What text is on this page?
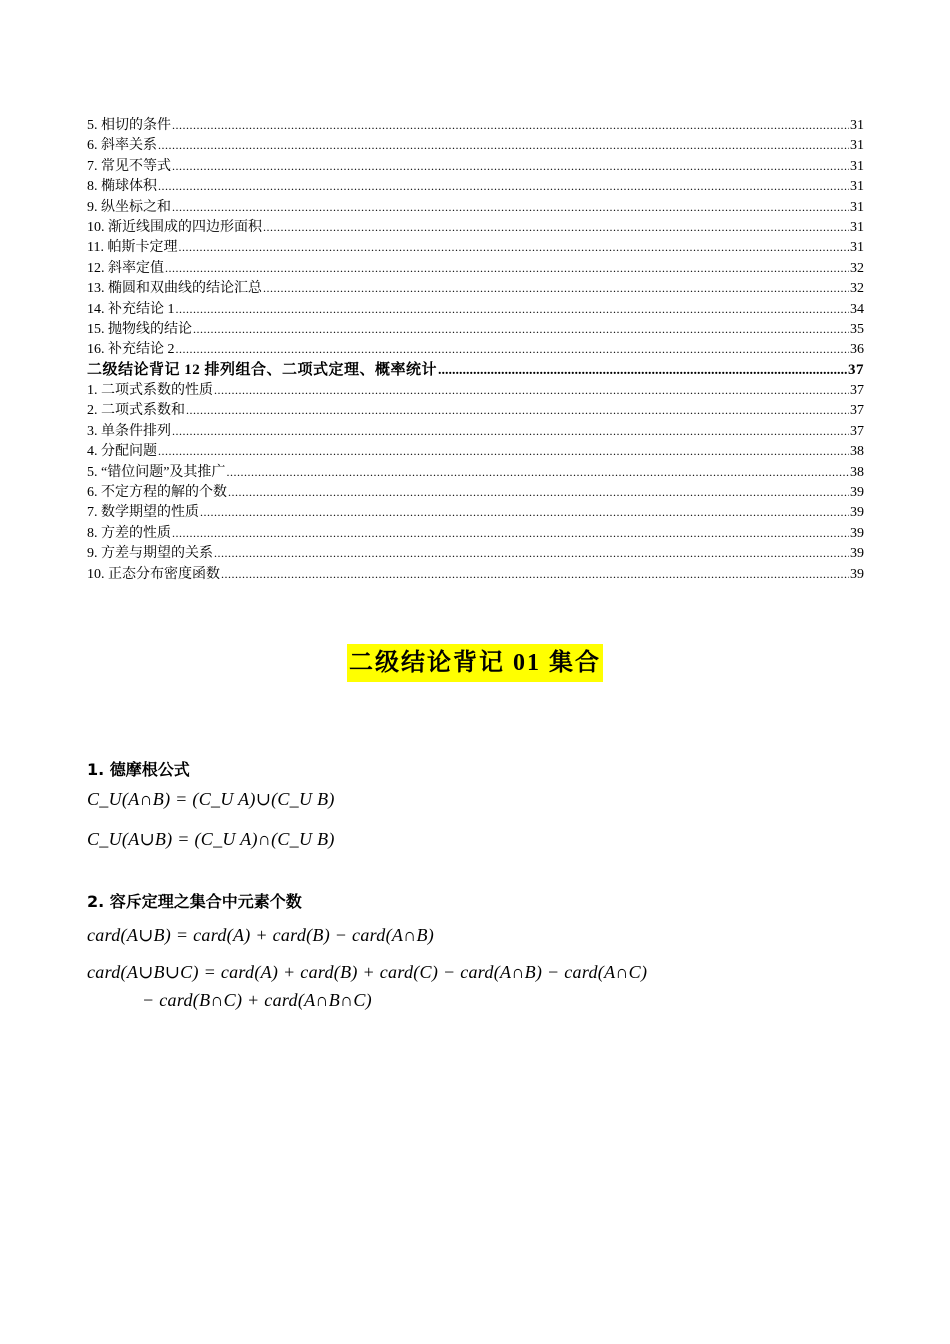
5. 相切的条件 .....	31
6. 斜率关系 .....	31
7. 常见不等式 .....	31
8. 椭球体积 .....	31
9. 纵坐标之和 .....	31
10. 渐近线围成的四边形面积 .....	31
11. 帕斯卡定理 .....	31
12. 斜率定值 .....	32
13. 椭圆和双曲线的结论汇总 .....	32
14. 补充结论 1 .....	34
15. 抛物线的结论 .....	35
16. 补充结论 2 .....	36
二级结论背记 12 排列组合、二项式定理、概率统计 .....	37
1. 二项式系数的性质 .....	37
2. 二项式系数和 .....	37
3. 单条件排列 .....	37
4. 分配问题 .....	38
5. “错位问题”及其推广 .....	38
6. 不定方程的解的个数 .....	39
7. 数学期望的性质 .....	39
8. 方差的性质 .....	39
9. 方差与期望的关系 .....	39
10. 正态分布密度函数 .....	39
二级结论背记 01 集合
1. 德摩根公式
C_U(A∩B) = (C_U A)∪(C_U B)
C_U(A∪B) = (C_U A)∩(C_U B)
2. 容斥定理之集合中元素个数
card(A∪B) = card(A) + card(B) − card(A∩B)
card(A∪B∪C) = card(A) + card(B) + card(C) − card(A∩B) − card(A∩C)
− card(B∩C) + card(A∩B∩C)
